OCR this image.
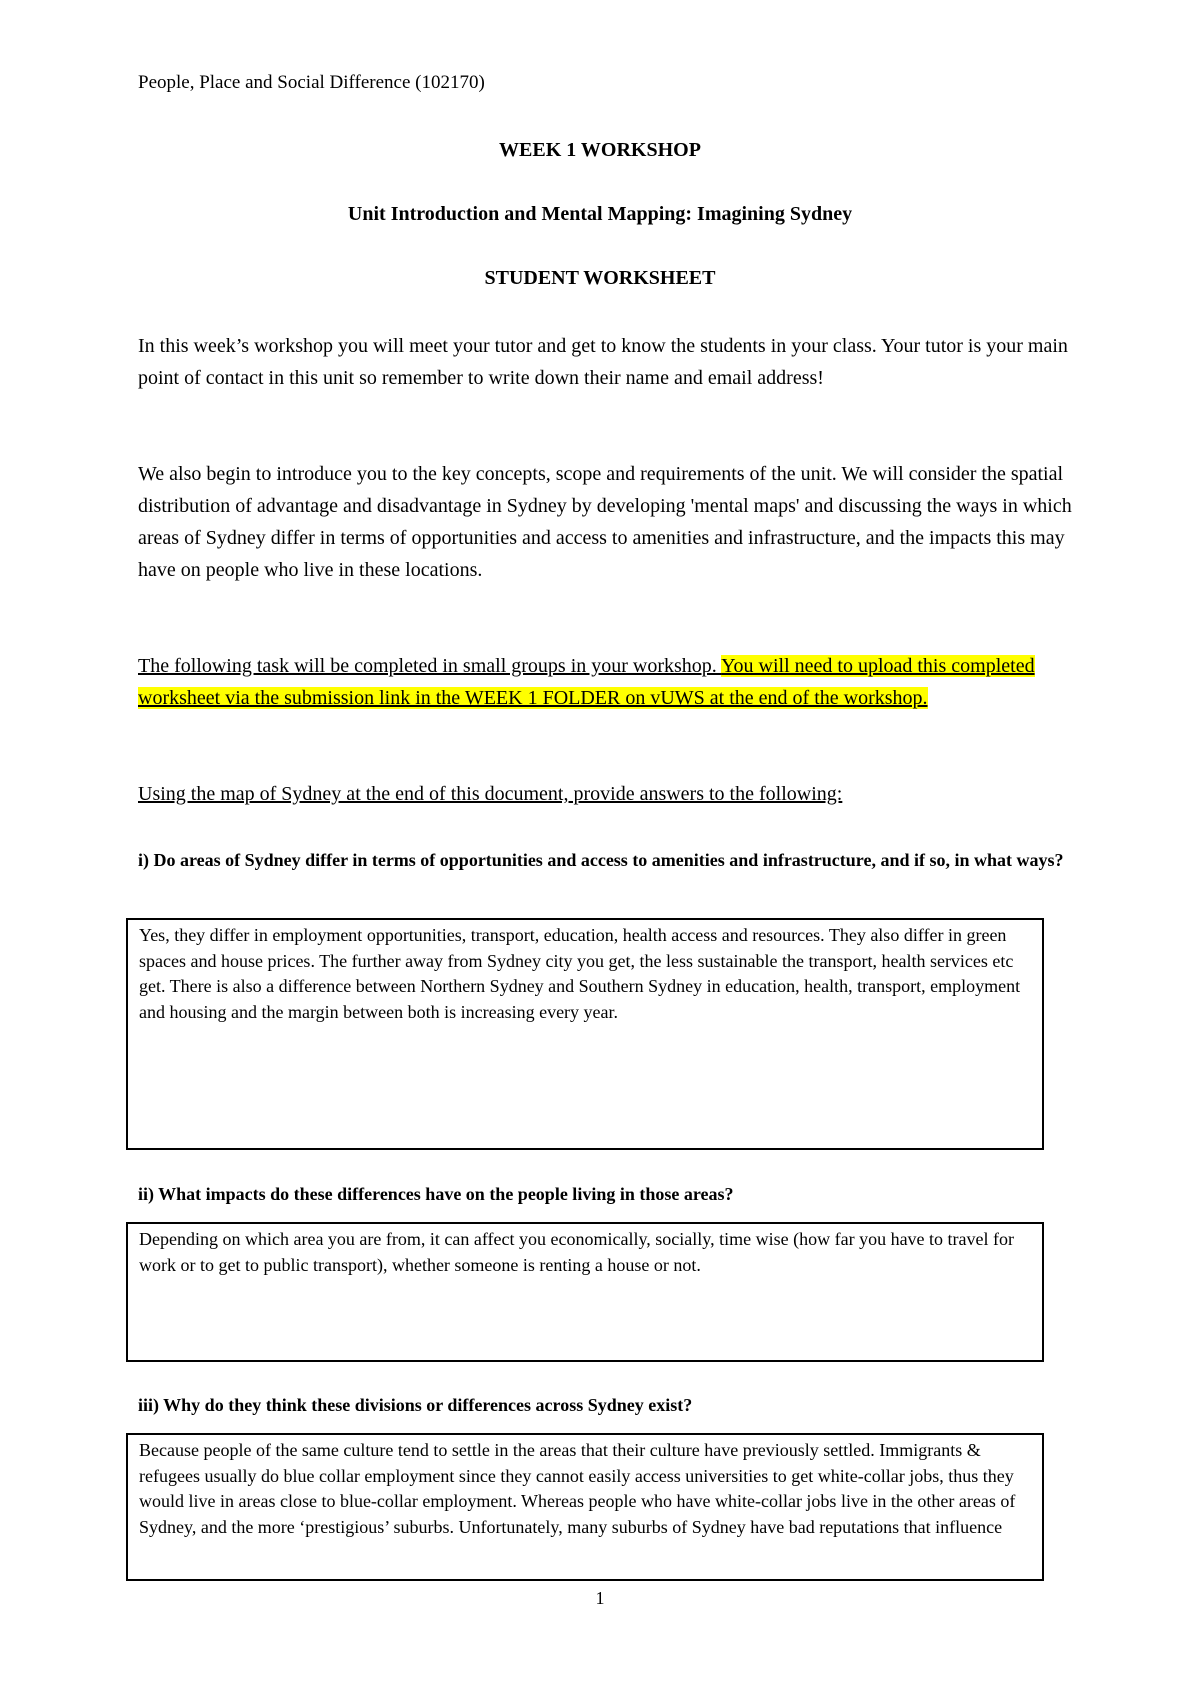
People, Place and Social Difference (102170)
WEEK 1 WORKSHOP
Unit Introduction and Mental Mapping: Imagining Sydney
STUDENT WORKSHEET
In this week’s workshop you will meet your tutor and get to know the students in your class. Your tutor is your main point of contact in this unit so remember to write down their name and email address!
We also begin to introduce you to the key concepts, scope and requirements of the unit. We will consider the spatial distribution of advantage and disadvantage in Sydney by developing 'mental maps' and discussing the ways in which areas of Sydney differ in terms of opportunities and access to amenities and infrastructure, and the impacts this may have on people who live in these locations.
The following task will be completed in small groups in your workshop. You will need to upload this completed worksheet via the submission link in the WEEK 1 FOLDER on vUWS at the end of the workshop.
Using the map of Sydney at the end of this document, provide answers to the following:
i) Do areas of Sydney differ in terms of opportunities and access to amenities and infrastructure, and if so, in what ways?
Yes, they differ in employment opportunities, transport, education, health access and resources. They also differ in green spaces and house prices. The further away from Sydney city you get, the less sustainable the transport, health services etc get. There is also a difference between Northern Sydney and Southern Sydney in education, health, transport, employment and housing and the margin between both is increasing every year.
ii) What impacts do these differences have on the people living in those areas?
Depending on which area you are from, it can affect you economically, socially, time wise (how far you have to travel for work or to get to public transport), whether someone is renting a house or not.
iii) Why do they think these divisions or differences across Sydney exist?
Because people of the same culture tend to settle in the areas that their culture have previously settled. Immigrants & refugees usually do blue collar employment since they cannot easily access universities to get white-collar jobs, thus they would live in areas close to blue-collar employment. Whereas people who have white-collar jobs live in the other areas of Sydney, and the more ‘prestigious’ suburbs. Unfortunately, many suburbs of Sydney have bad reputations that influence
1
